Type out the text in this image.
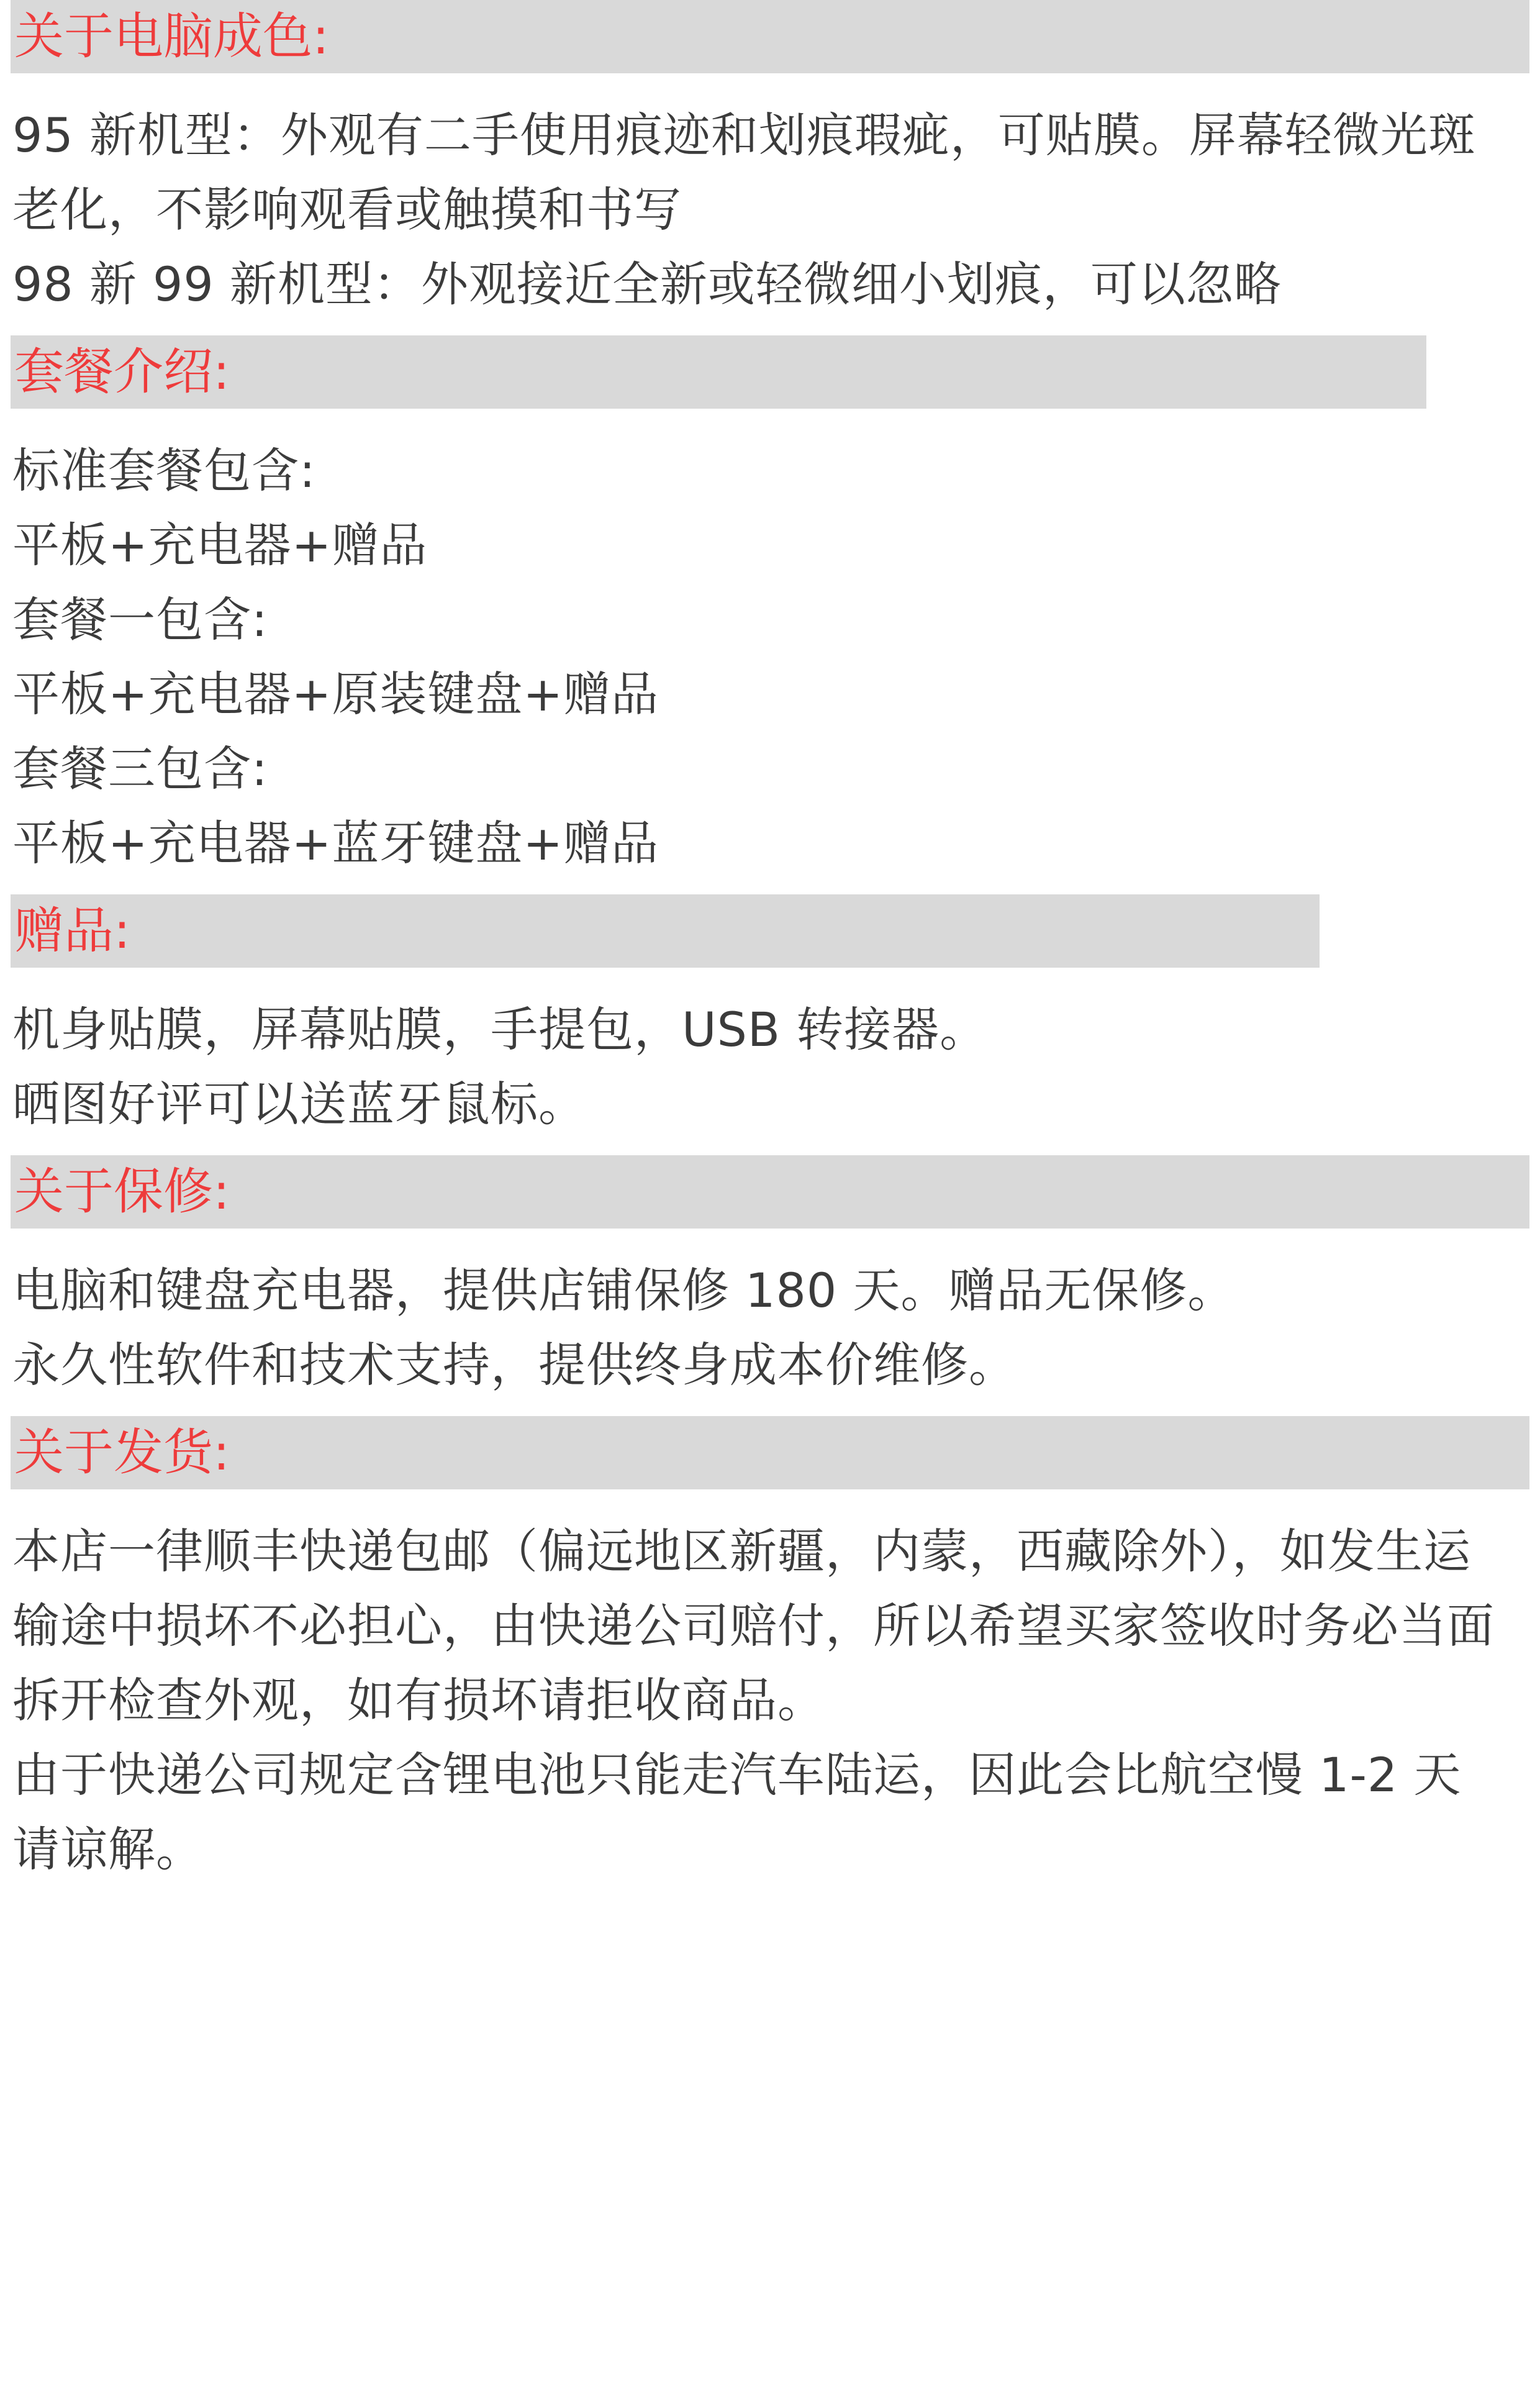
关于电脑成色:
95 新机型：外观有二手使用痕迹和划痕瑕疵，可贴膜。屏幕轻微光斑
老化，不影响观看或触摸和书写
98 新 99 新机型：外观接近全新或轻微细小划痕，可以忽略
套餐介绍:
标准套餐包含:
平板+充电器+赠品
套餐一包含:
平板+充电器+原装键盘+赠品
套餐三包含:
平板+充电器+蓝牙键盘+赠品
赠品:
机身贴膜，屏幕贴膜，手提包，USB 转接器。
晒图好评可以送蓝牙鼠标。
关于保修:
电脑和键盘充电器，提供店铺保修 180 天。赠品无保修。
永久性软件和技术支持，提供终身成本价维修。
关于发货:
本店一律顺丰快递包邮（偏远地区新疆，内蒙，西藏除外），如发生运
输途中损坏不必担心，由快递公司赔付，所以希望买家签收时务必当面
拆开检查外观，如有损坏请拒收商品。
由于快递公司规定含锂电池只能走汽车陆运，因此会比航空慢 1-2 天
请谅解。
